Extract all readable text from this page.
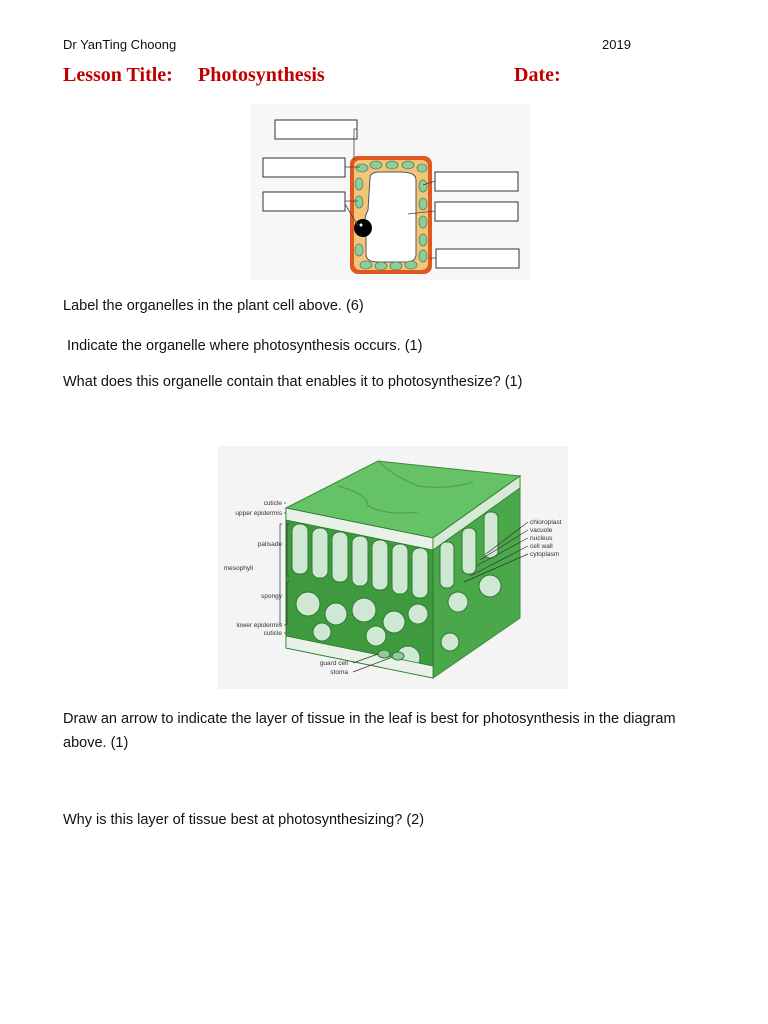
Dr YanTing Choong	2019
Lesson Title: Photosynthesis	Date:
Label the organelles in the plant cell above. (6)
Indicate the organelle where photosynthesis occurs. (1)
What does this organelle contain that enables it to photosynthesize? (1)
cuticle
upper epidermis
palisade
mesophyll
spongy
lower epidermis
cuticle
guard cell
stoma
chloroplast
vacuole
nucleus
cell wall
cytoplasm
Draw an arrow to indicate the layer of tissue in the leaf is best for photosynthesis in the diagram above. (1)
Why is this layer of tissue best at photosynthesizing? (2)
